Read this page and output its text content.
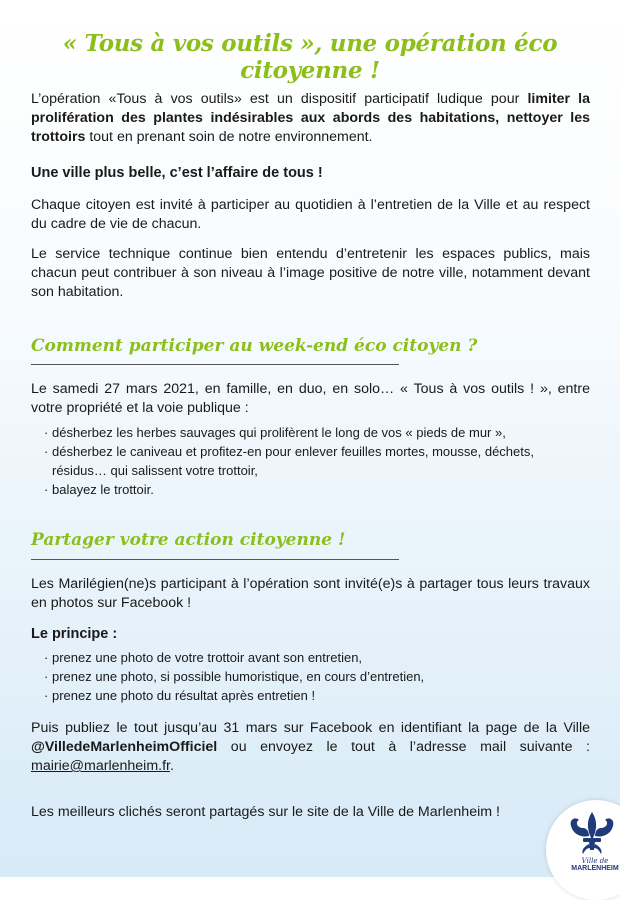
« Tous à vos outils », une opération éco citoyenne !

L’opération «Tous à vos outils» est un dispositif participatif ludique pour limiter la prolifération des plantes indésirables aux abords des habitations, nettoyer les trottoirs tout en prenant soin de notre environnement.

Une ville plus belle, c’est l’affaire de tous !

Chaque citoyen est invité à participer au quotidien à l’entretien de la Ville et au respect du cadre de vie de chacun.

Le service technique continue bien entendu d’entretenir les espaces publics, mais chacun peut contribuer à son niveau à l’image positive de notre ville, notamment devant son habitation.

Comment participer au week-end éco citoyen ?

Le samedi 27 mars 2021, en famille, en duo, en solo… « Tous à vos outils ! », entre votre propriété et la voie publique :

· désherbez les herbes sauvages qui prolifèrent le long de vos « pieds de mur »,
· désherbez le caniveau et profitez-en pour enlever feuilles mortes, mousse, déchets, résidus… qui salissent votre trottoir,
· balayez le trottoir.
Partager votre action citoyenne !

Les Marilégien(ne)s participant à l’opération sont invité(e)s à partager tous leurs travaux en photos sur Facebook !

Le principe :

· prenez une photo de votre trottoir avant son entretien,
· prenez une photo, si possible humoristique, en cours d’entretien,
· prenez une photo du résultat après entretien !

Puis publiez le tout jusqu’au 31 mars sur Facebook en identifiant la page de la Ville @VilledeMarlenheimOfficiel ou envoyez le tout à l’adresse mail suivante : mairie@marlenheim.fr.

Les meilleurs clichés seront partagés sur le site de la Ville de Marlenheim !

Ville de
MARLENHEIM
